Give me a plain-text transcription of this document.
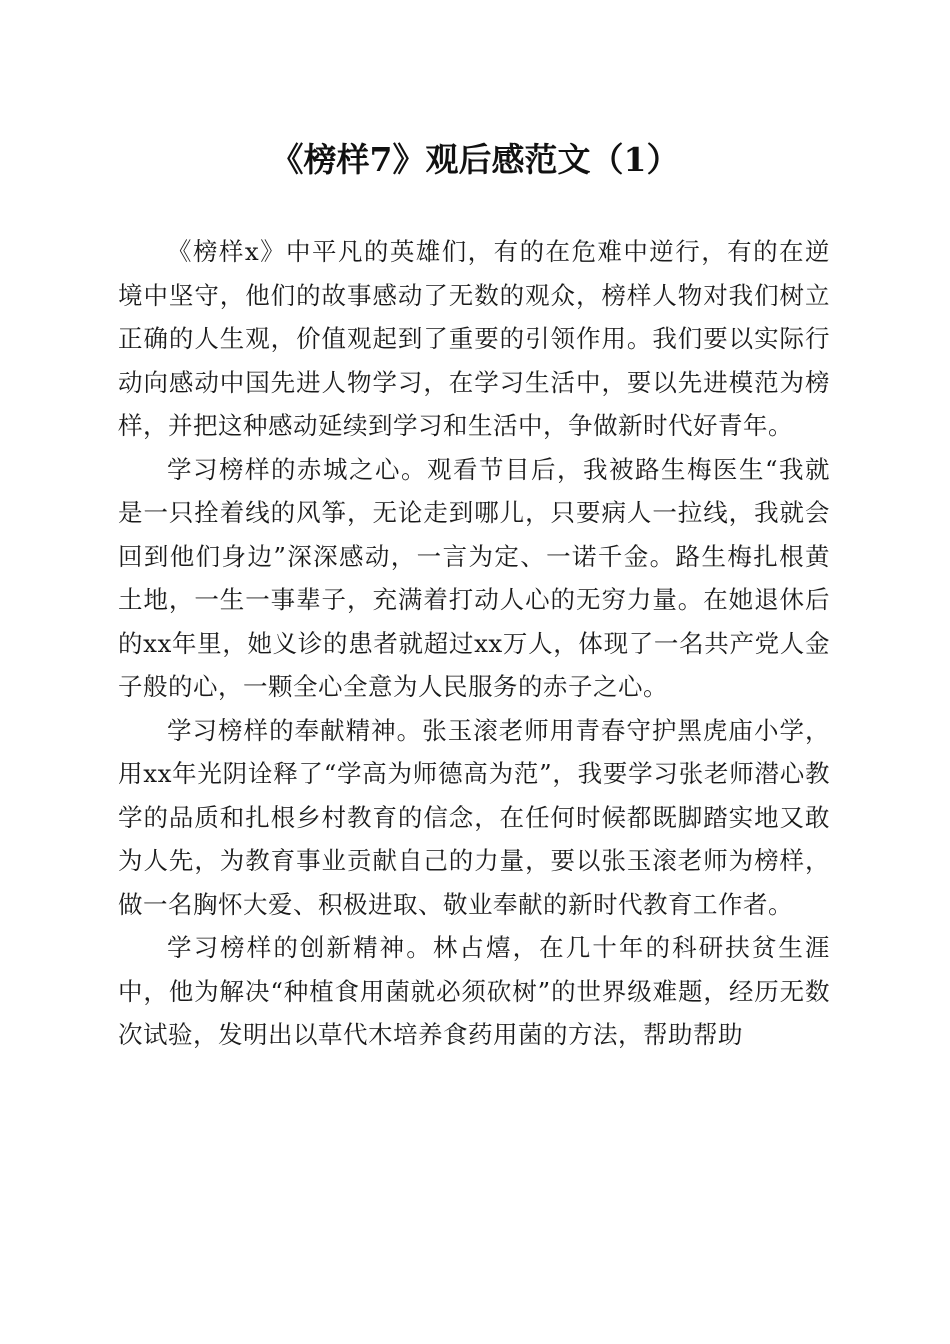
《榜样7》观后感范文（1）

《榜样x》中平凡的英雄们，有的在危难中逆行，有的在逆境中坚守，他们的故事感动了无数的观众，榜样人物对我们树立正确的人生观，价值观起到了重要的引领作用。我们要以实际行动向感动中国先进人物学习，在学习生活中，要以先进模范为榜样，并把这种感动延续到学习和生活中，争做新时代好青年。

学习榜样的赤城之心。观看节目后，我被路生梅医生“我就是一只拴着线的风筝，无论走到哪儿，只要病人一拉线，我就会回到他们身边”深深感动，一言为定、一诺千金。路生梅扎根黄土地，一生一事辈子，充满着打动人心的无穷力量。在她退休后的xx年里，她义诊的患者就超过xx万人，体现了一名共产党人金子般的心，一颗全心全意为人民服务的赤子之心。

学习榜样的奉献精神。张玉滚老师用青春守护黑虎庙小学，用xx年光阴诠释了“学高为师德高为范”，我要学习张老师潜心教学的品质和扎根乡村教育的信念，在任何时候都既脚踏实地又敢为人先，为教育事业贡献自己的力量，要以张玉滚老师为榜样，做一名胸怀大爱、积极进取、敬业奉献的新时代教育工作者。

学习榜样的创新精神。林占熺，在几十年的科研扶贫生涯中，他为解决“种植食用菌就必须砍树”的世界级难题，经历无数次试验，发明出以草代木培养食药用菌的方法，帮助帮助
